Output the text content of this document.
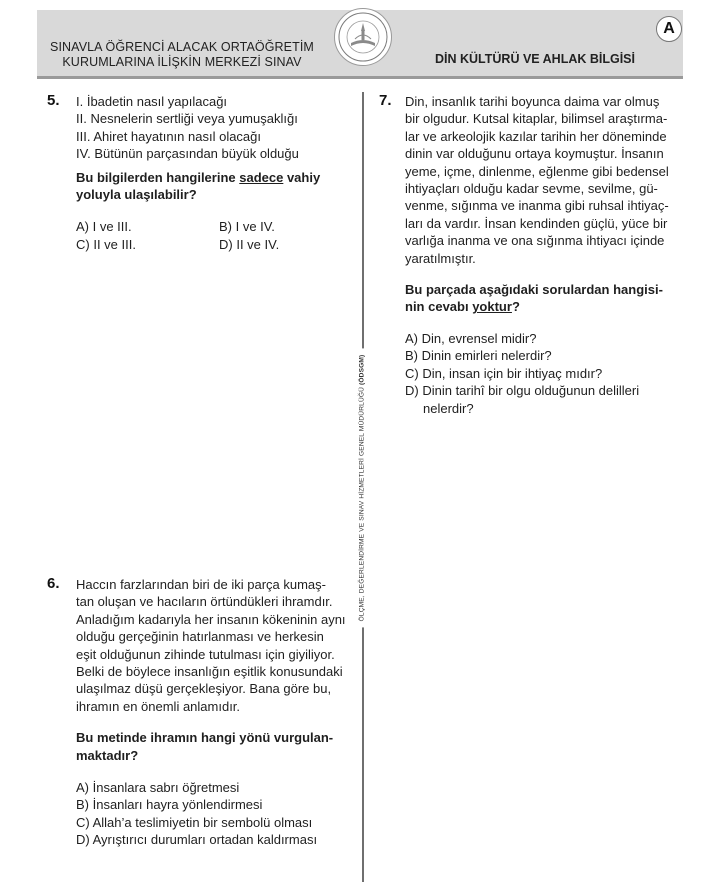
SINAVLA ÖĞRENCİ ALACAK ORTAÖĞRETİM
KURUMLARINA İLİŞKİN MERKEZİ SINAV	DİN KÜLTÜRÜ VE AHLAK BİLGİSİ
A
ÖLÇME, DEĞERLENDİRME VE SINAV HİZMETLERİ GENEL MÜDÜRLÜĞÜ (ÖDSGM)
5. I. İbadetin nasıl yapılacağı
II. Nesnelerin sertliği veya yumuşaklığı
III. Ahiret hayatının nasıl olacağı
IV. Bütünün parçasından büyük olduğu
Bu bilgilerden hangilerine sadece vahiy
yoluyla ulaşılabilir?
A) I ve III.	B) I ve IV.
C) II ve III.	D) II ve IV.
6. Haccın farzlarından biri de iki parça kumaş-
tan oluşan ve hacıların örtündükleri ihramdır.
Anladığım kadarıyla her insanın kökeninin aynı
olduğu gerçeğinin hatırlanması ve herkesin
eşit olduğunun zihinde tutulması için giyiliyor.
Belki de böylece insanlığın eşitlik konusundaki
ulaşılmaz düşü gerçekleşiyor. Bana göre bu,
ihramın en önemli anlamıdır.
Bu metinde ihramın hangi yönü vurgulan-
maktadır?
A) İnsanlara sabrı öğretmesi
B) İnsanları hayra yönlendirmesi
C) Allah’a teslimiyetin bir sembolü olması
D) Ayrıştırıcı durumları ortadan kaldırması
7. Din, insanlık tarihi boyunca daima var olmuş
bir olgudur. Kutsal kitaplar, bilimsel araştırma-
lar ve arkeolojik kazılar tarihin her döneminde
dinin var olduğunu ortaya koymuştur. İnsanın
yeme, içme, dinlenme, eğlenme gibi bedensel
ihtiyaçları olduğu kadar sevme, sevilme, gü-
venme, sığınma ve inanma gibi ruhsal ihtiyaç-
ları da vardır. İnsan kendinden güçlü, yüce bir
varlığa inanma ve ona sığınma ihtiyacı içinde
yaratılmıştır.
Bu parçada aşağıdaki sorulardan hangisi-
nin cevabı yoktur?
A) Din, evrensel midir?
B) Dinin emirleri nelerdir?
C) Din, insan için bir ihtiyaç mıdır?
D) Dinin tarihî bir olgu olduğunun delilleri
nelerdir?
